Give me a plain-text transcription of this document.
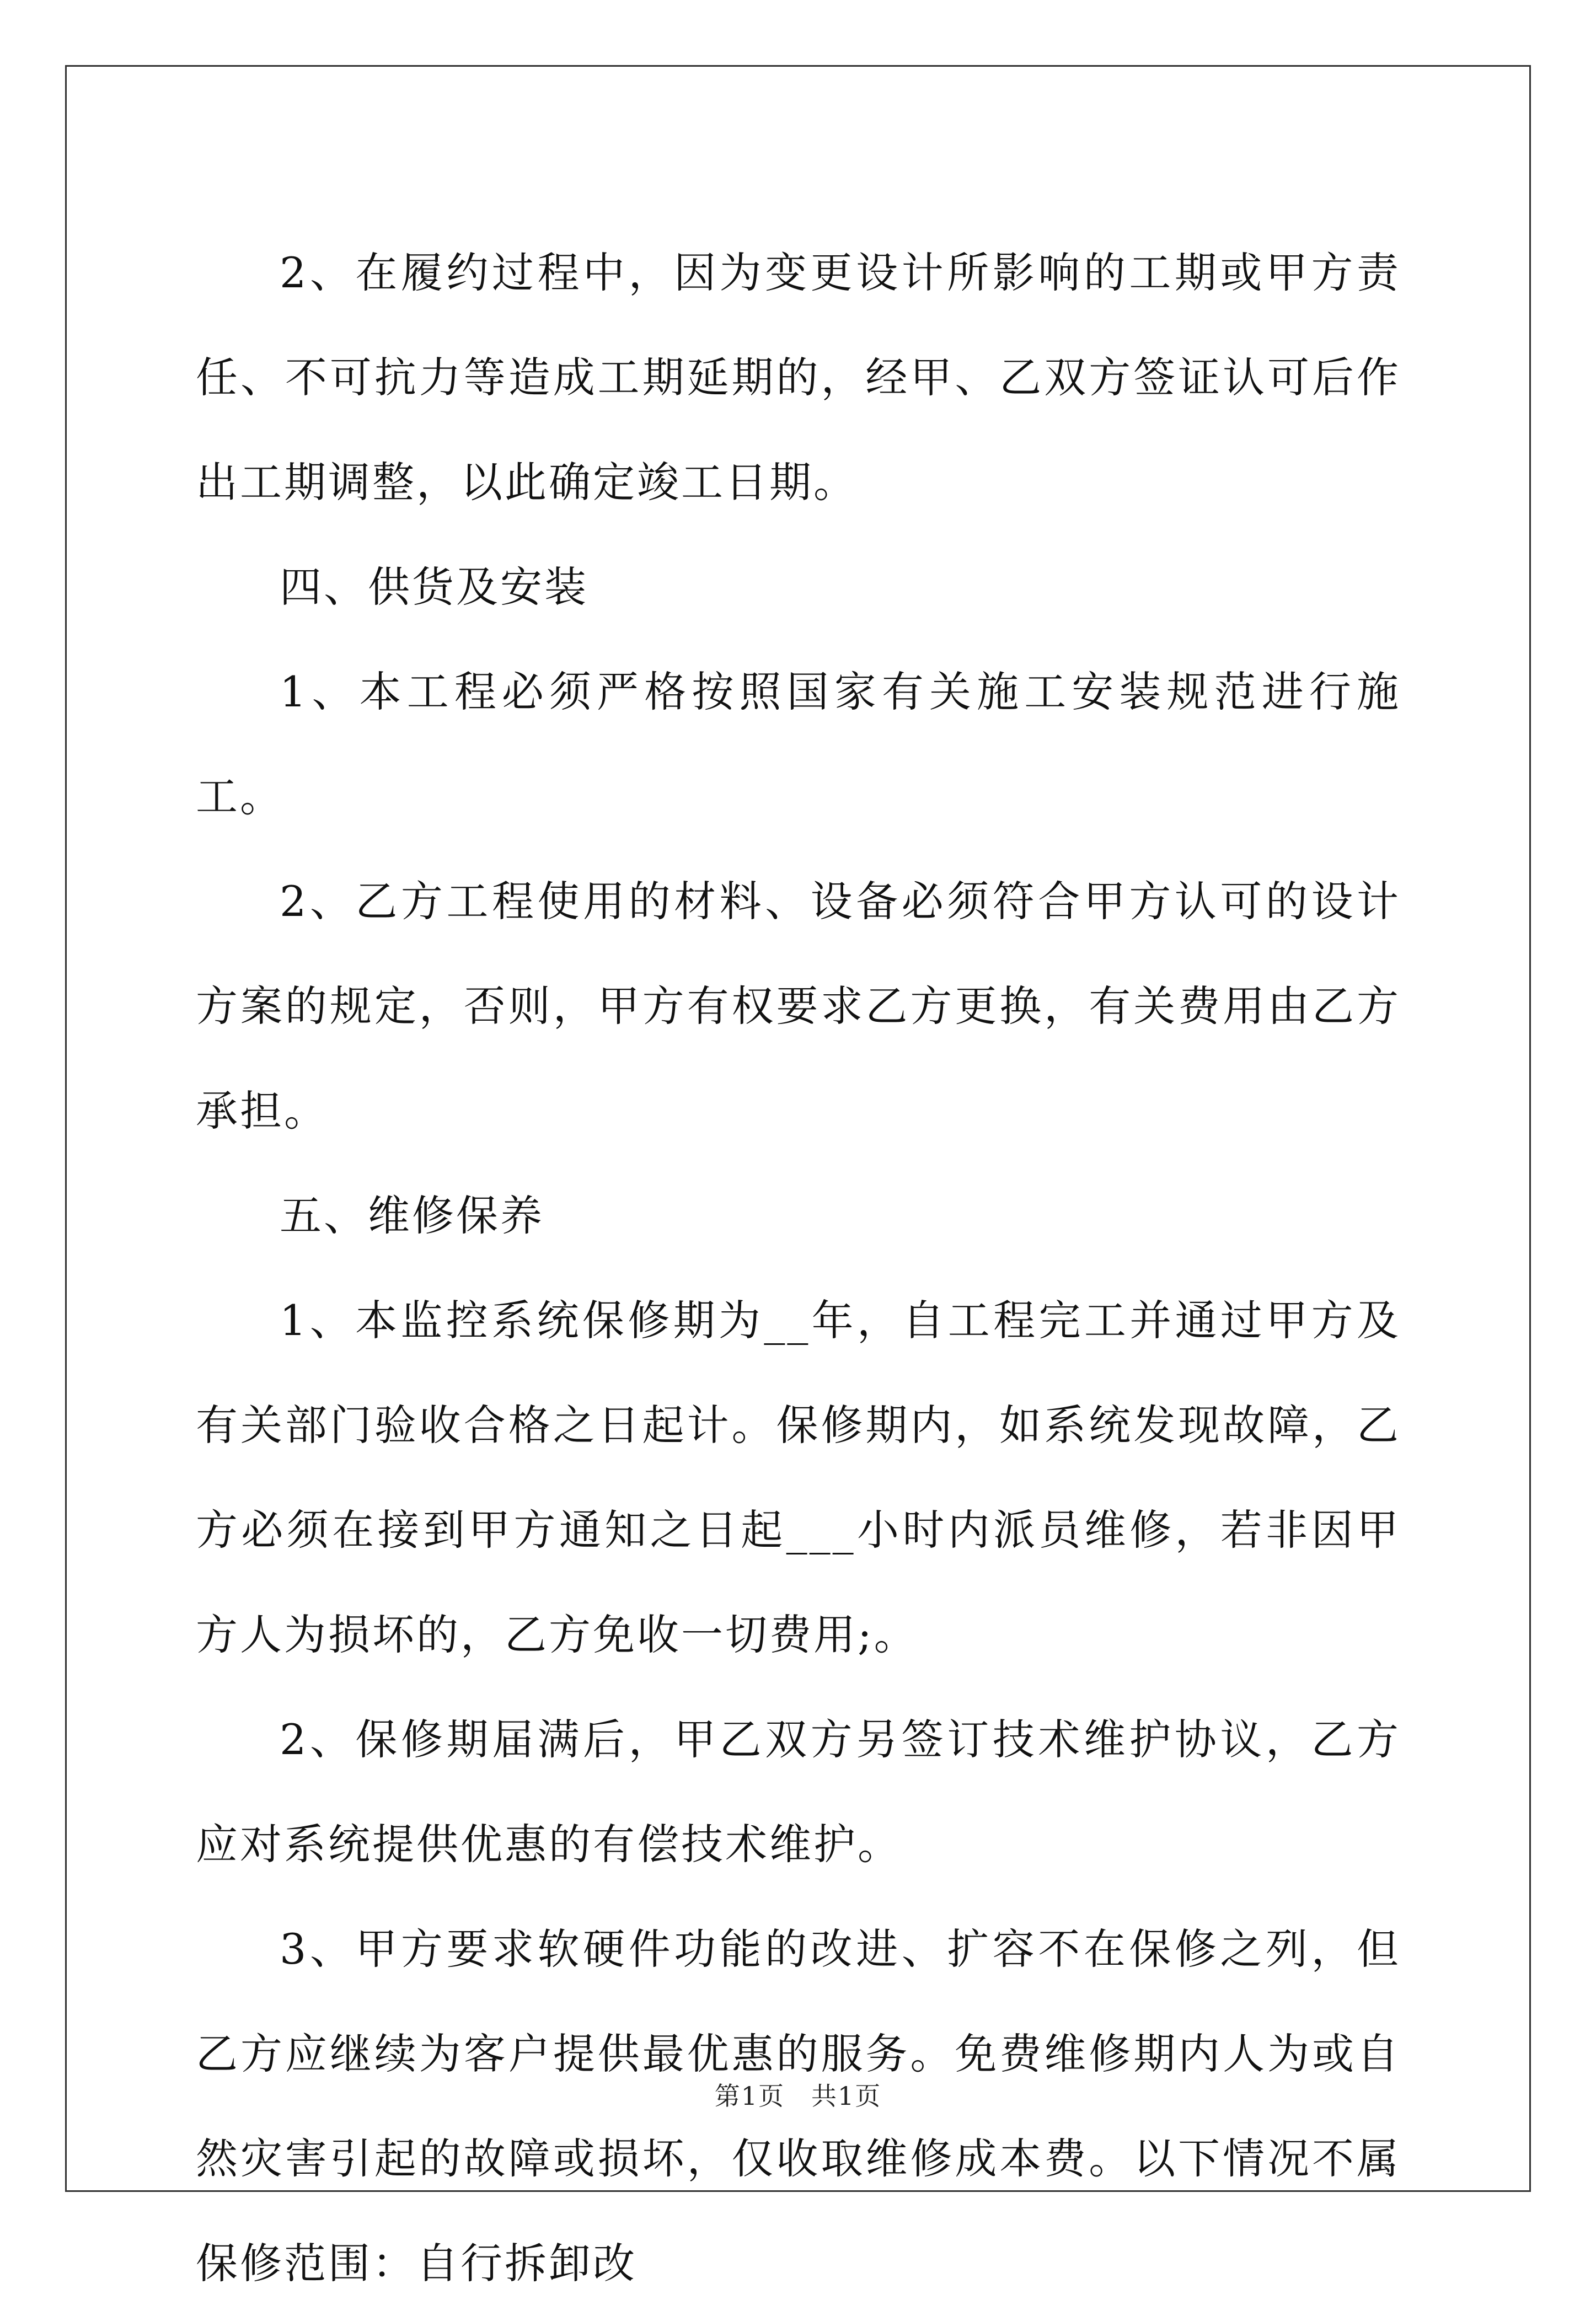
2、在履约过程中，因为变更设计所影响的工期或甲方责任、不可抗力等造成工期延期的，经甲、乙双方签证认可后作出工期调整，以此确定竣工日期。

四、供货及安装

1、本工程必须严格按照国家有关施工安装规范进行施工。

2、乙方工程使用的材料、设备必须符合甲方认可的设计方案的规定，否则，甲方有权要求乙方更换，有关费用由乙方承担。

五、维修保养

1、本监控系统保修期为__年，自工程完工并通过甲方及有关部门验收合格之日起计。保修期内，如系统发现故障，乙方必须在接到甲方通知之日起___小时内派员维修，若非因甲方人为损坏的，乙方免收一切费用;。

2、保修期届满后，甲乙双方另签订技术维护协议，乙方应对系统提供优惠的有偿技术维护。

3、甲方要求软硬件功能的改进、扩容不在保修之列，但乙方应继续为客户提供最优惠的服务。免费维修期内人为或自然灾害引起的故障或损坏，仅收取维修成本费。以下情况不属保修范围：自行拆卸改

第1页　共1页
